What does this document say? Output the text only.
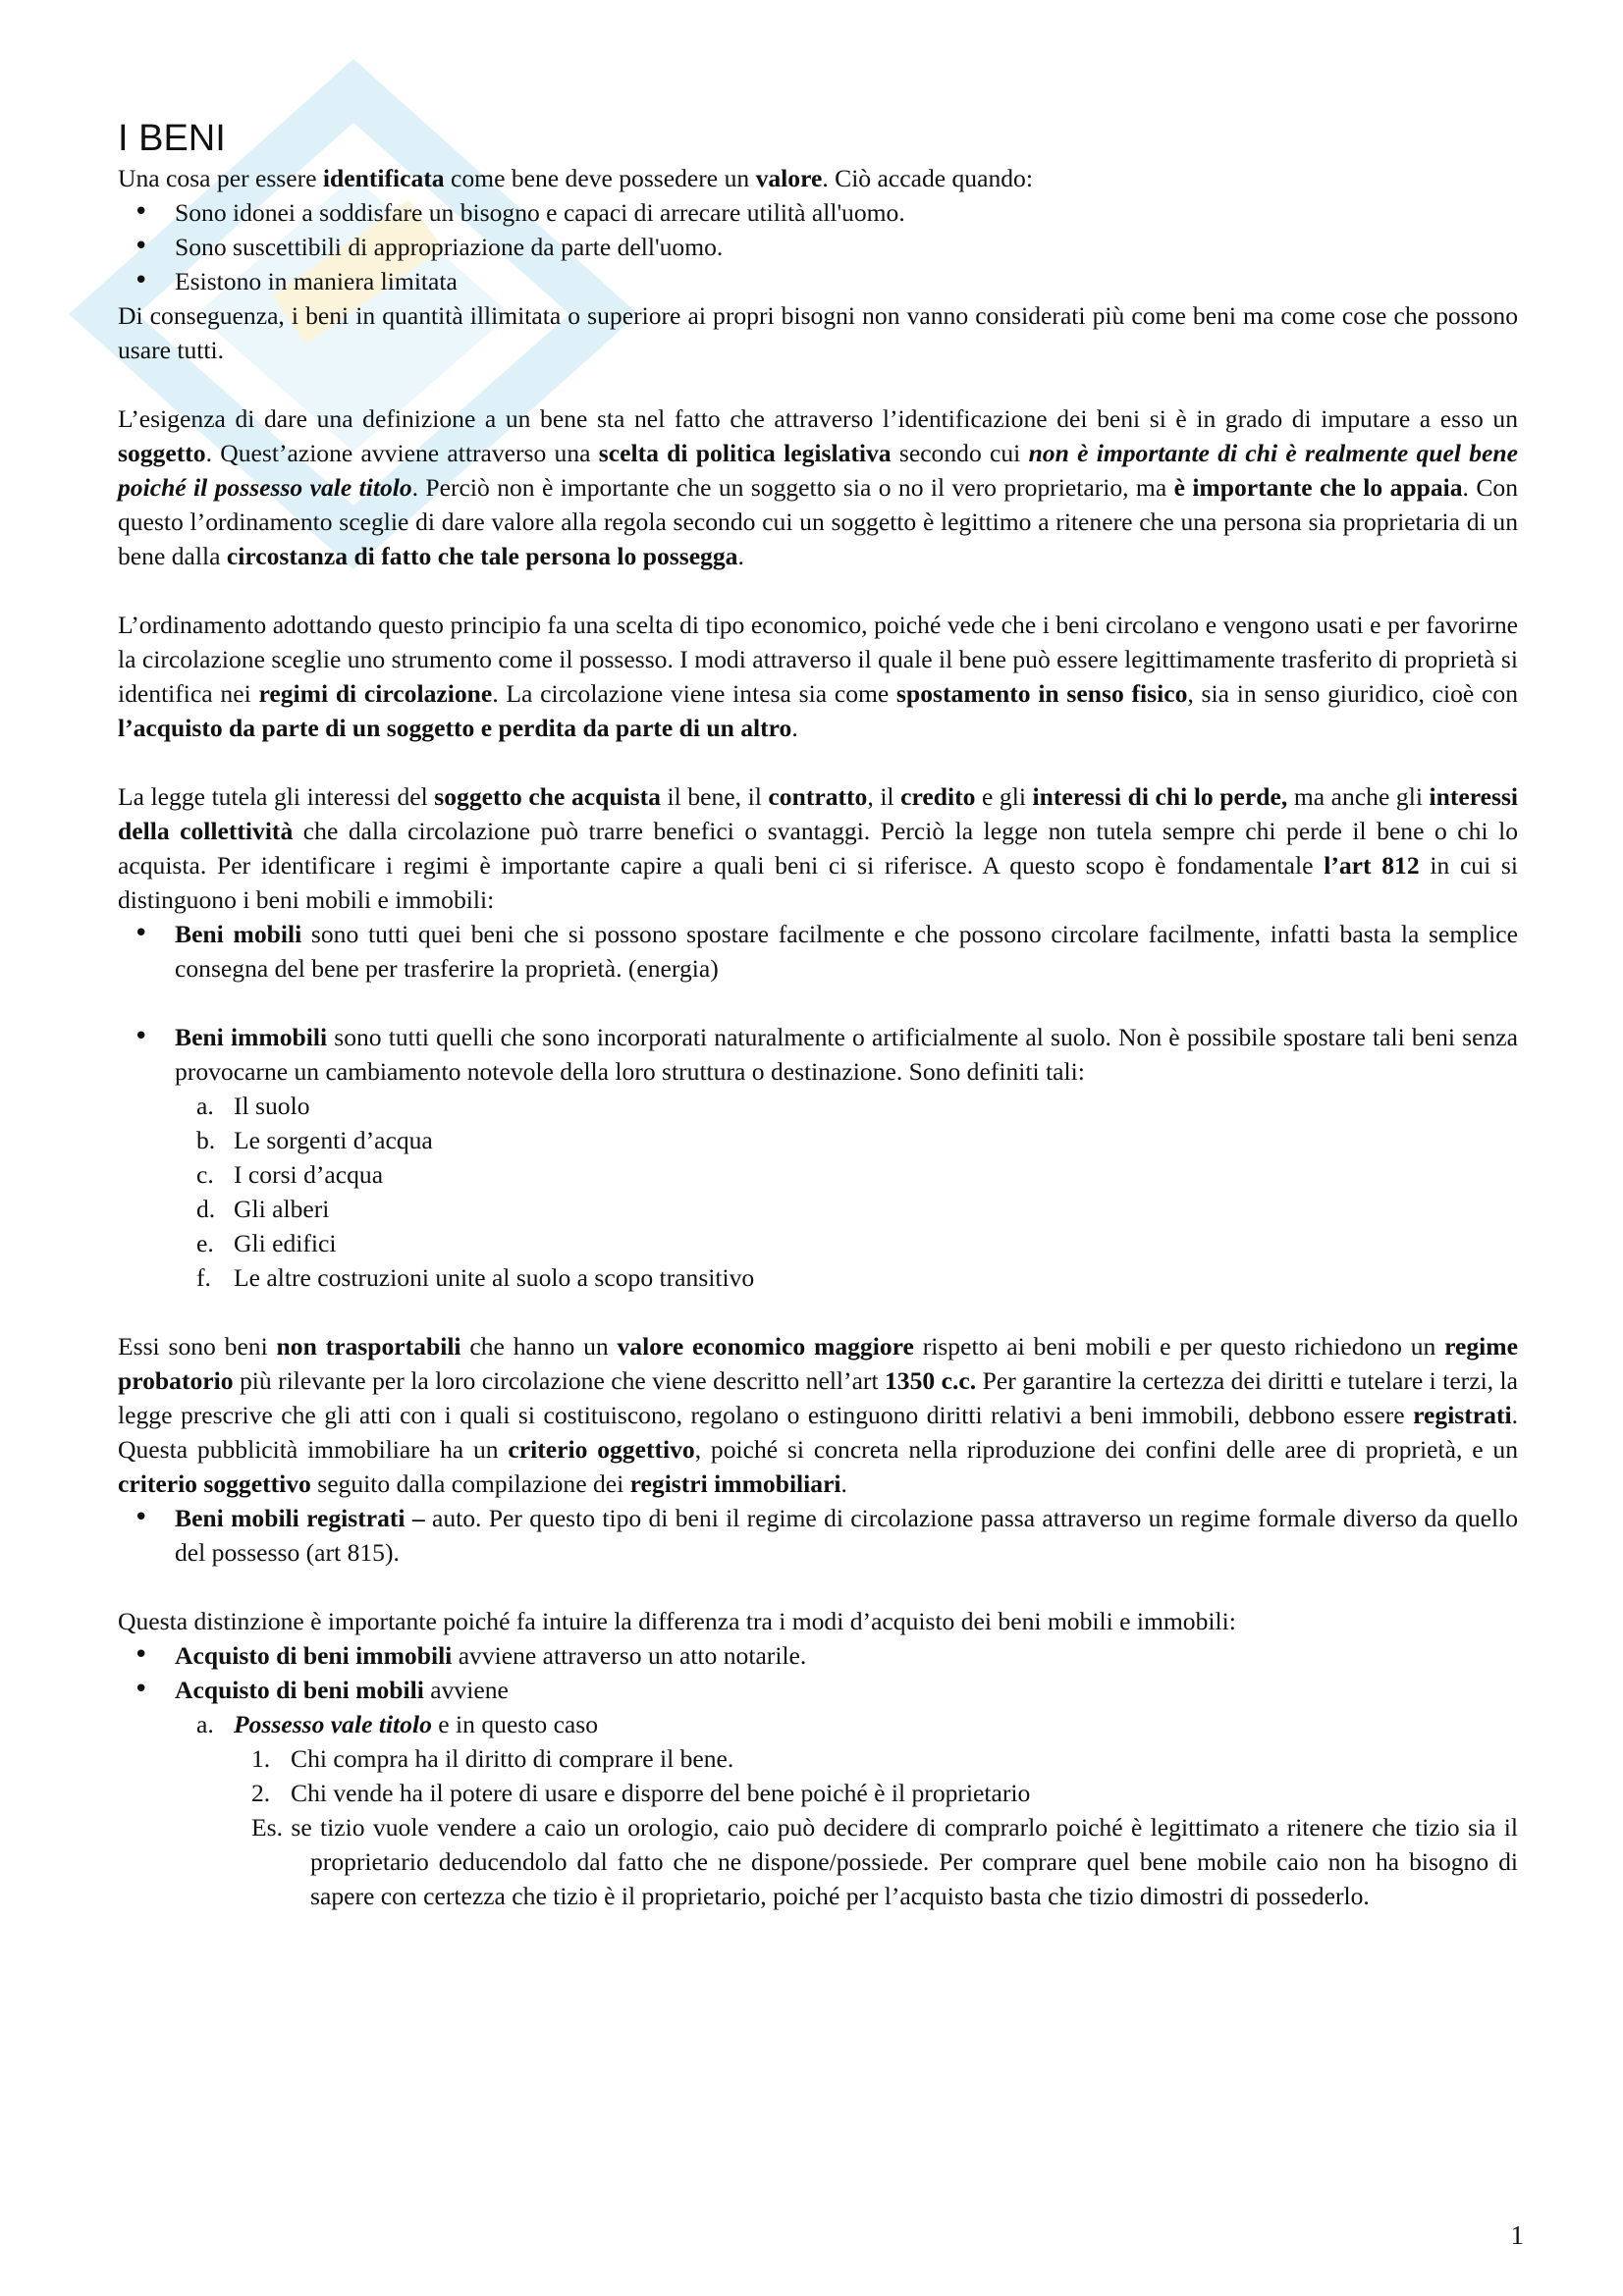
I BENI

Una cosa per essere identificata come bene deve possedere un valore. Ciò accade quando:

• Sono idonei a soddisfare un bisogno e capaci di arrecare utilità all'uomo.
• Sono suscettibili di appropriazione da parte dell'uomo.
• Esistono in maniera limitata

Di conseguenza, i beni in quantità illimitata o superiore ai propri bisogni non vanno considerati più come beni ma come cose che possono usare tutti.

L’esigenza di dare una definizione a un bene sta nel fatto che attraverso l’identificazione dei beni si è in grado di imputare a esso un soggetto. Quest’azione avviene attraverso una scelta di politica legislativa secondo cui non è importante di chi è realmente quel bene poiché il possesso vale titolo. Perciò non è importante che un soggetto sia o no il vero proprietario, ma è importante che lo appaia. Con questo l’ordinamento sceglie di dare valore alla regola secondo cui un soggetto è legittimo a ritenere che una persona sia proprietaria di un bene dalla circostanza di fatto che tale persona lo possegga.

L’ordinamento adottando questo principio fa una scelta di tipo economico, poiché vede che i beni circolano e vengono usati e per favorirne la circolazione sceglie uno strumento come il possesso. I modi attraverso il quale il bene può essere legittimamente trasferito di proprietà si identifica nei regimi di circolazione. La circolazione viene intesa sia come spostamento in senso fisico, sia in senso giuridico, cioè con l’acquisto da parte di un soggetto e perdita da parte di un altro.

La legge tutela gli interessi del soggetto che acquista il bene, il contratto, il credito e gli interessi di chi lo perde, ma anche gli interessi della collettività che dalla circolazione può trarre benefici o svantaggi. Perciò la legge non tutela sempre chi perde il bene o chi lo acquista. Per identificare i regimi è importante capire a quali beni ci si riferisce. A questo scopo è fondamentale l’art 812 in cui si distinguono i beni mobili e immobili:

• Beni mobili sono tutti quei beni che si possono spostare facilmente e che possono circolare facilmente, infatti basta la semplice consegna del bene per trasferire la proprietà. (energia)
• Beni immobili sono tutti quelli che sono incorporati naturalmente o artificialmente al suolo. Non è possibile spostare tali beni senza provocarne un cambiamento notevole della loro struttura o destinazione. Sono definiti tali:
a. Il suolo
b. Le sorgenti d’acqua
c. I corsi d’acqua
d. Gli alberi
e. Gli edifici
f. Le altre costruzioni unite al suolo a scopo transitivo

Essi sono beni non trasportabili che hanno un valore economico maggiore rispetto ai beni mobili e per questo richiedono un regime probatorio più rilevante per la loro circolazione che viene descritto nell’art 1350 c.c. Per garantire la certezza dei diritti e tutelare i terzi, la legge prescrive che gli atti con i quali si costituiscono, regolano o estinguono diritti relativi a beni immobili, debbono essere registrati. Questa pubblicità immobiliare ha un criterio oggettivo, poiché si concreta nella riproduzione dei confini delle aree di proprietà, e un criterio soggettivo seguito dalla compilazione dei registri immobiliari.

• Beni mobili registrati – auto. Per questo tipo di beni il regime di circolazione passa attraverso un regime formale diverso da quello del possesso (art 815).

Questa distinzione è importante poiché fa intuire la differenza tra i modi d’acquisto dei beni mobili e immobili:

• Acquisto di beni immobili avviene attraverso un atto notarile.
• Acquisto di beni mobili avviene
a. Possesso vale titolo e in questo caso
1. Chi compra ha il diritto di comprare il bene.
2. Chi vende ha il potere di usare e disporre del bene poiché è il proprietario

Es. se tizio vuole vendere a caio un orologio, caio può decidere di comprarlo poiché è legittimato a ritenere che tizio sia il proprietario deducendolo dal fatto che ne dispone/possiede. Per comprare quel bene mobile caio non ha bisogno di sapere con certezza che tizio è il proprietario, poiché per l’acquisto basta che tizio dimostri di possederlo.

1
